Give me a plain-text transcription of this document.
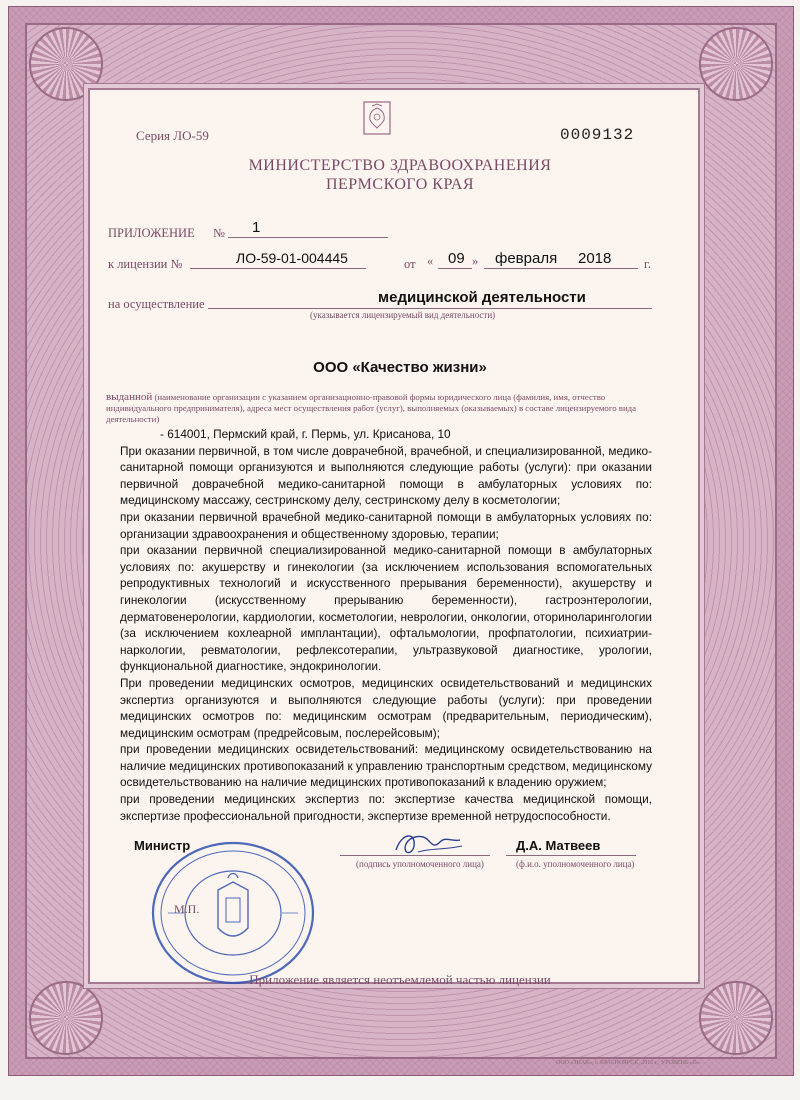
Серия ЛО-59	0009132
МИНИСТЕРСТВО ЗДРАВООХРАНЕНИЯ
ПЕРМСКОГО КРАЯ
ПРИЛОЖЕНИЕ № 1
к лицензии №	ЛО-59-01-004445	от « 09 » февраля 2018	г.
на осуществление	медицинской деятельности
(указывается лицензируемый вид деятельности)
ООО «Качество жизни»
выданной (наименование организации с указанием организационно-правовой формы юридического лица (фамилия, имя, отчество индивидуального предпринимателя), адреса мест осуществления работ (услуг), выполняемых (оказываемых) в составе лицензируемого вида деятельности)

- 614001, Пермский край, г. Пермь, ул. Крисанова, 10

При оказании первичной, в том числе доврачебной, врачебной, и специализированной, медико-санитарной помощи организуются и выполняются следующие работы (услуги): при оказании первичной доврачебной медико-санитарной помощи в амбулаторных условиях по: медицинскому массажу, сестринскому делу, сестринскому делу в косметологии;

при оказании первичной врачебной медико-санитарной помощи в амбулаторных условиях по: организации здравоохранения и общественному здоровью, терапии;

при оказании первичной специализированной медико-санитарной помощи в амбулаторных условиях по: акушерству и гинекологии (за исключением использования вспомогательных репродуктивных технологий и искусственного прерывания беременности), акушерству и гинекологии (искусственному прерыванию беременности), гастроэнтерологии, дерматовенерологии, кардиологии, косметологии, неврологии, онкологии, оториноларингологии (за исключением кохлеарной имплантации), офтальмологии, профпатологии, психиатрии-наркологии, ревматологии, рефлексотерапии, ультразвуковой диагностике, урологии, функциональной диагностике, эндокринологии.

При проведении медицинских осмотров, медицинских освидетельствований и медицинских экспертиз организуются и выполняются следующие работы (услуги): при проведении медицинских осмотров по: медицинским осмотрам (предварительным, периодическим), медицинским осмотрам (предрейсовым, послерейсовым);

при проведении медицинских освидетельствований: медицинскому освидетельствованию на наличие медицинских противопоказаний к управлению транспортным средством, медицинскому освидетельствованию на наличие медицинских противопоказаний к владению оружием;

при проведении медицинских экспертиз по: экспертизе качества медицинской помощи, экспертизе профессиональной пригодности, экспертизе временной нетрудоспособности.

Министр
(подпись уполномоченного лица)
Д.А. Матвеев
(ф.и.о. уполномоченного лица)
М.П.
Приложение является неотъемлемой частью лицензии
ООО «ЗНАК», г. КРАСНОЯРСК, 2016 г., УРОВЕНЬ «В»
